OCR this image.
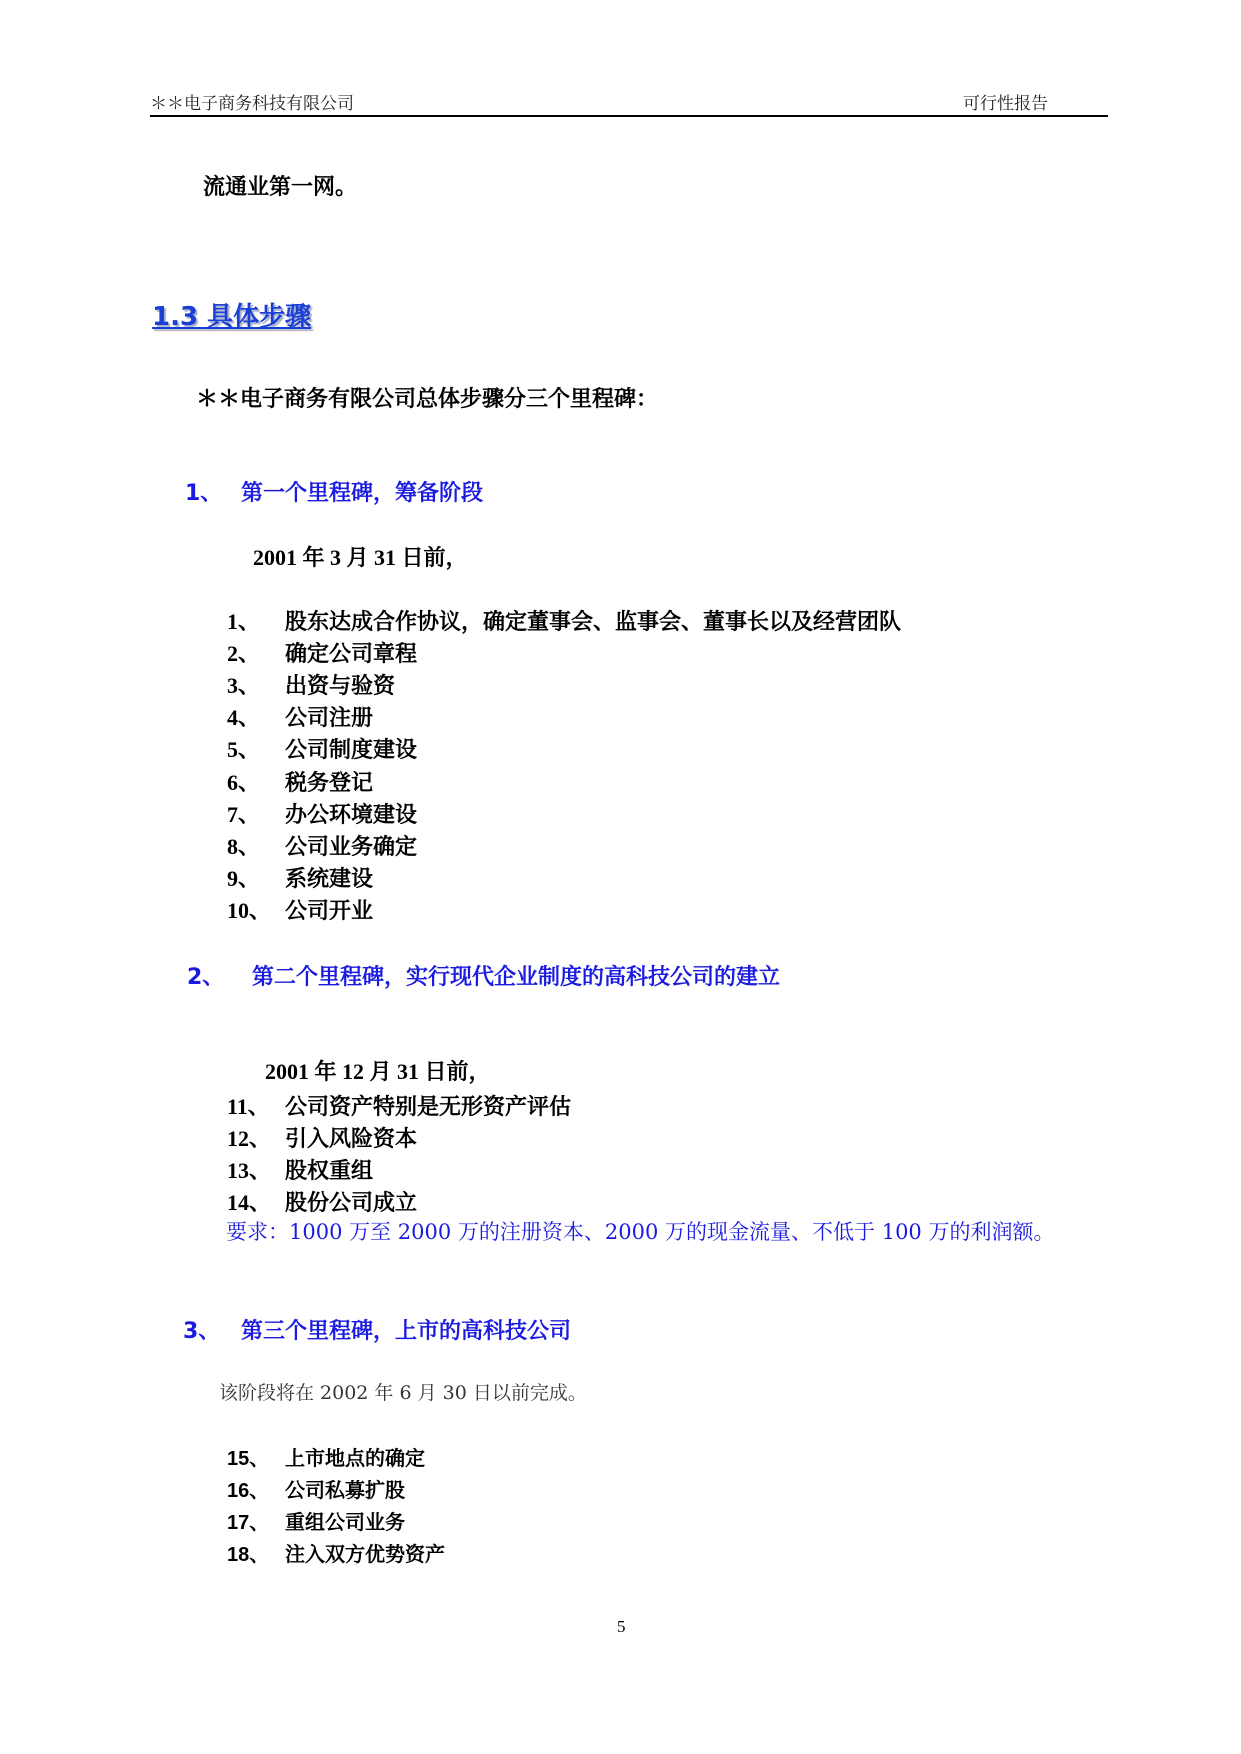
＊＊电子商务科技有限公司	可行性报告
流通业第一网。
1.3 具体步骤
＊＊电子商务有限公司总体步骤分三个里程碑：
1、 第一个里程碑，筹备阶段
2001 年 3 月 31 日前，
1、 股东达成合作协议，确定董事会、监事会、董事长以及经营团队
2、 确定公司章程
3、 出资与验资
4、 公司注册
5、 公司制度建设
6、 税务登记
7、 办公环境建设
8、 公司业务确定
9、 系统建设
10、 公司开业
2、 第二个里程碑，实行现代企业制度的高科技公司的建立
2001 年 12 月 31 日前，
11、 公司资产特别是无形资产评估
12、 引入风险资本
13、 股权重组
14、 股份公司成立
要求：1000 万至 2000 万的注册资本、2000 万的现金流量、不低于 100 万的利润额。
3、 第三个里程碑，上市的高科技公司
该阶段将在 2002 年 6 月 30 日以前完成。
15、 上市地点的确定
16、 公司私募扩股
17、 重组公司业务
18、 注入双方优势资产
5
